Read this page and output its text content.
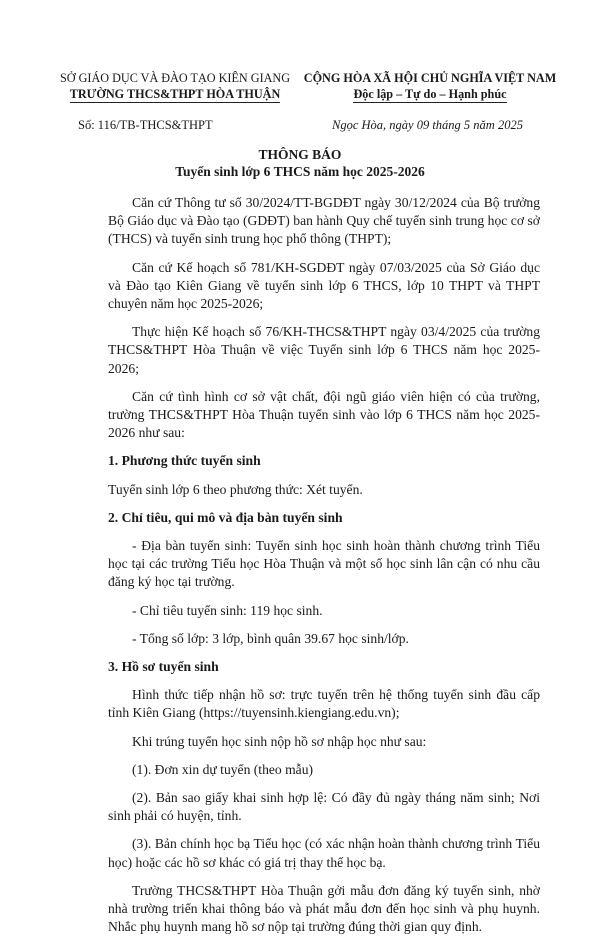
SỞ GIÁO DỤC VÀ ĐÀO TẠO KIÊN GIANG
TRƯỜNG THCS&THPT HÒA THUẬN
CỘNG HÒA XÃ HỘI CHỦ NGHĨA VIỆT NAM
Độc lập – Tự do – Hạnh phúc
Số: 116/TB-THCS&THPT	Ngọc Hòa, ngày 09 tháng 5 năm 2025
THÔNG BÁO
Tuyển sinh lớp 6 THCS năm học 2025-2026

Căn cứ Thông tư số 30/2024/TT-BGDĐT ngày 30/12/2024 của Bộ trưởng Bộ Giáo dục và Đào tạo (GDĐT) ban hành Quy chế tuyển sinh trung học cơ sở (THCS) và tuyển sinh trung học phổ thông (THPT);

Căn cứ Kế hoạch số 781/KH-SGDĐT ngày 07/03/2025 của Sở Giáo dục và Đào tạo Kiên Giang về tuyển sinh lớp 6 THCS, lớp 10 THPT và THPT chuyên năm học 2025-2026;

Thực hiện Kế hoạch số 76/KH-THCS&THPT ngày 03/4/2025 của trường THCS&THPT Hòa Thuận về việc Tuyển sinh lớp 6 THCS năm học 2025-2026;

Căn cứ tình hình cơ sở vật chất, đội ngũ giáo viên hiện có của trường, trường THCS&THPT Hòa Thuận tuyển sinh vào lớp 6 THCS năm học 2025-2026 như sau:

1. Phương thức tuyển sinh

Tuyển sinh lớp 6 theo phương thức: Xét tuyển.

2. Chỉ tiêu, qui mô và địa bàn tuyển sinh

- Địa bàn tuyển sinh: Tuyển sinh học sinh hoàn thành chương trình Tiểu học tại các trường Tiểu học Hòa Thuận và một số học sinh lân cận có nhu cầu đăng ký học tại trường.

- Chỉ tiêu tuyển sinh: 119 học sinh.

- Tổng số lớp: 3 lớp, bình quân 39.67 học sinh/lớp.

3. Hồ sơ tuyển sinh

Hình thức tiếp nhận hồ sơ: trực tuyến trên hệ thống tuyển sinh đầu cấp tỉnh Kiên Giang (https://tuyensinh.kiengiang.edu.vn);

Khi trúng tuyển học sinh nộp hồ sơ nhập học như sau:

(1). Đơn xin dự tuyển (theo mẫu)

(2). Bản sao giấy khai sinh hợp lệ: Có đầy đủ ngày tháng năm sinh; Nơi sinh phải có huyện, tỉnh.

(3). Bản chính học bạ Tiểu học (có xác nhận hoàn thành chương trình Tiểu học) hoặc các hồ sơ khác có giá trị thay thế học bạ.

Trường THCS&THPT Hòa Thuận gởi mẫu đơn đăng ký tuyển sinh, nhờ nhà trường triển khai thông báo và phát mẫu đơn đến học sinh và phụ huynh. Nhắc phụ huynh mang hồ sơ nộp tại trường đúng thời gian quy định.
